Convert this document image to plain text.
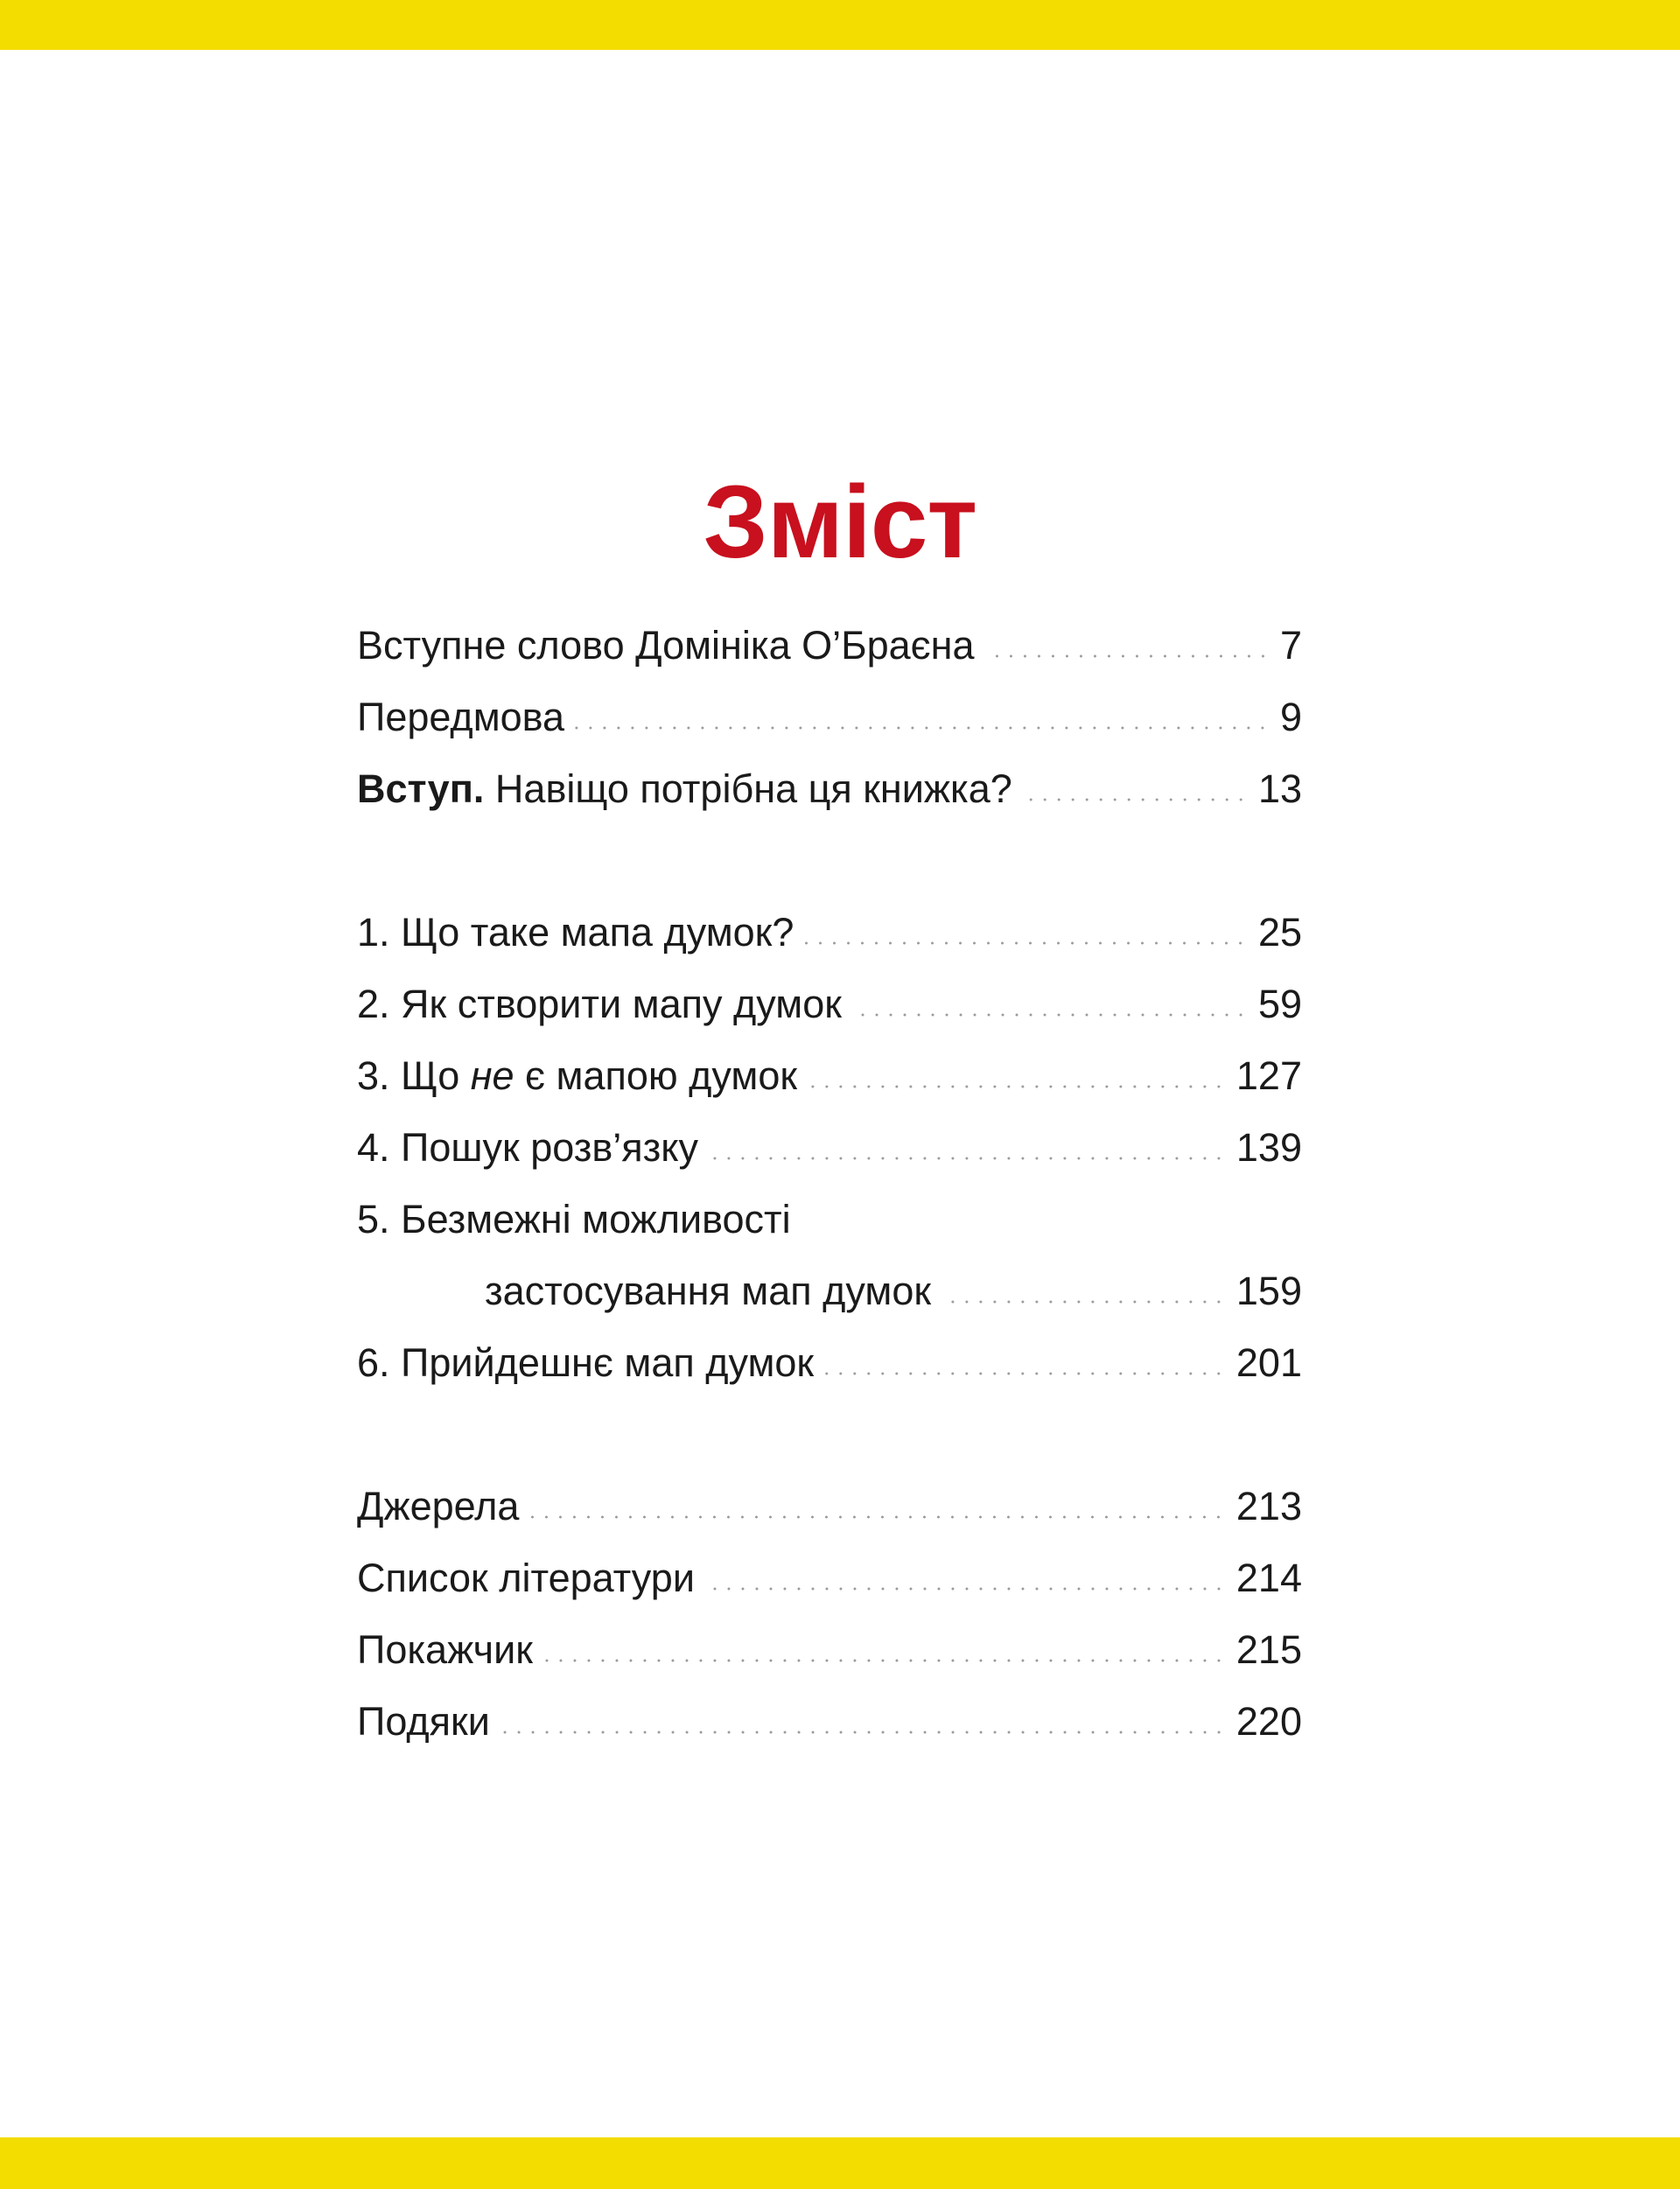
Зміст
Вступне слово Домініка О’Браєна	7
Передмова	9
Вступ. Навіщо потрібна ця книжка?	13
1. Що таке мапа думок?	25
2. Як створити мапу думок	59
3. Що не є мапою думок	127
4. Пошук розв’язку	139
5. Безмежні можливості
застосування мап думок	159
6. Прийдешнє мап думок	201
Джерела	213
Список літератури	214
Покажчик	215
Подяки	220
